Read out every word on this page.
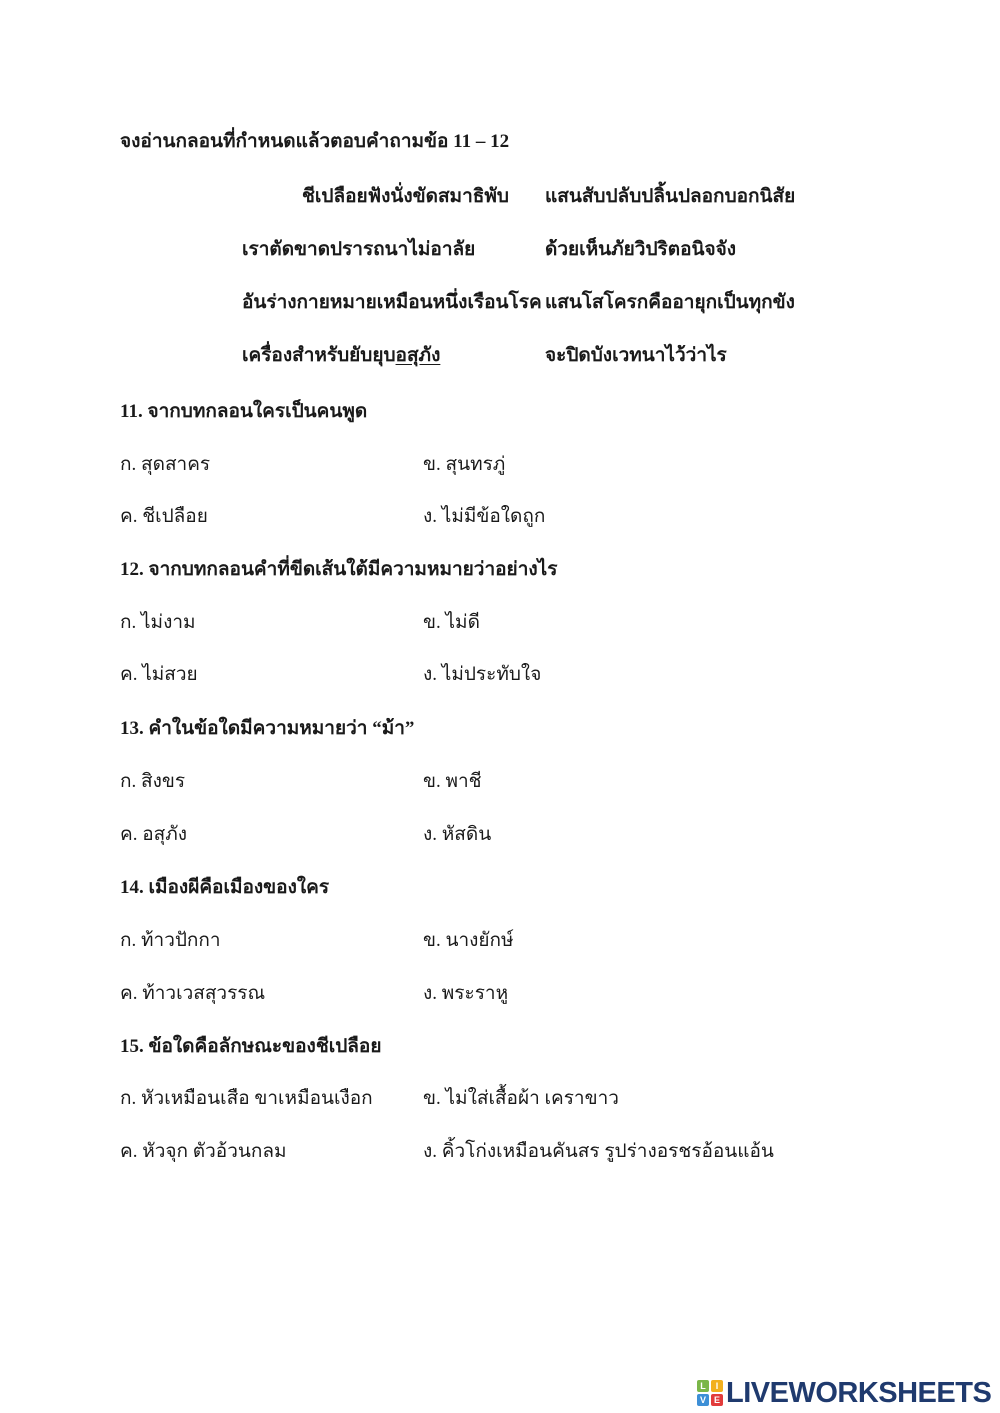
จงอ่านกลอนที่กำหนดแล้วตอบคำถามข้อ 11 – 12
ชีเปลือยฟังนั่งขัดสมาธิพับ แสนสับปลับปลิ้นปลอกบอกนิสัย
เราตัดขาดปรารถนาไม่อาลัย	ด้วยเห็นภัยวิปริตอนิจจัง
อันร่างกายหมายเหมือนหนึ่งเรือนโรค แสนโสโครกคืออายุกเป็นทุกขัง
เครื่องสำหรับยับยุบอสุภัง	จะปิดบังเวทนาไว้ว่าไร
11. จากบทกลอนใครเป็นคนพูด
ก. สุดสาคร	ข. สุนทรภู่
ค. ชีเปลือย	ง. ไม่มีข้อใดถูก
12. จากบทกลอนคำที่ขีดเส้นใต้มีความหมายว่าอย่างไร
ก. ไม่งาม	ข. ไม่ดี
ค. ไม่สวย	ง. ไม่ประทับใจ
13. คำในข้อใดมีความหมายว่า “ม้า”
ก. สิงขร	ข. พาชี
ค. อสุภัง	ง. หัสดิน
14. เมืองผีคือเมืองของใคร
ก. ท้าวปักกา	ข. นางยักษ์
ค. ท้าวเวสสุวรรณ	ง. พระราหู
15. ข้อใดคือลักษณะของชีเปลือย
ก. หัวเหมือนเสือ ขาเหมือนเงือก	ข. ไม่ใส่เสื้อผ้า เคราขาว
ค. หัวจุก ตัวอ้วนกลม	ง. คิ้วโก่งเหมือนคันสร รูปร่างอรชรอ้อนแอ้น
L	I
V E LIVEWORKSHEETS
